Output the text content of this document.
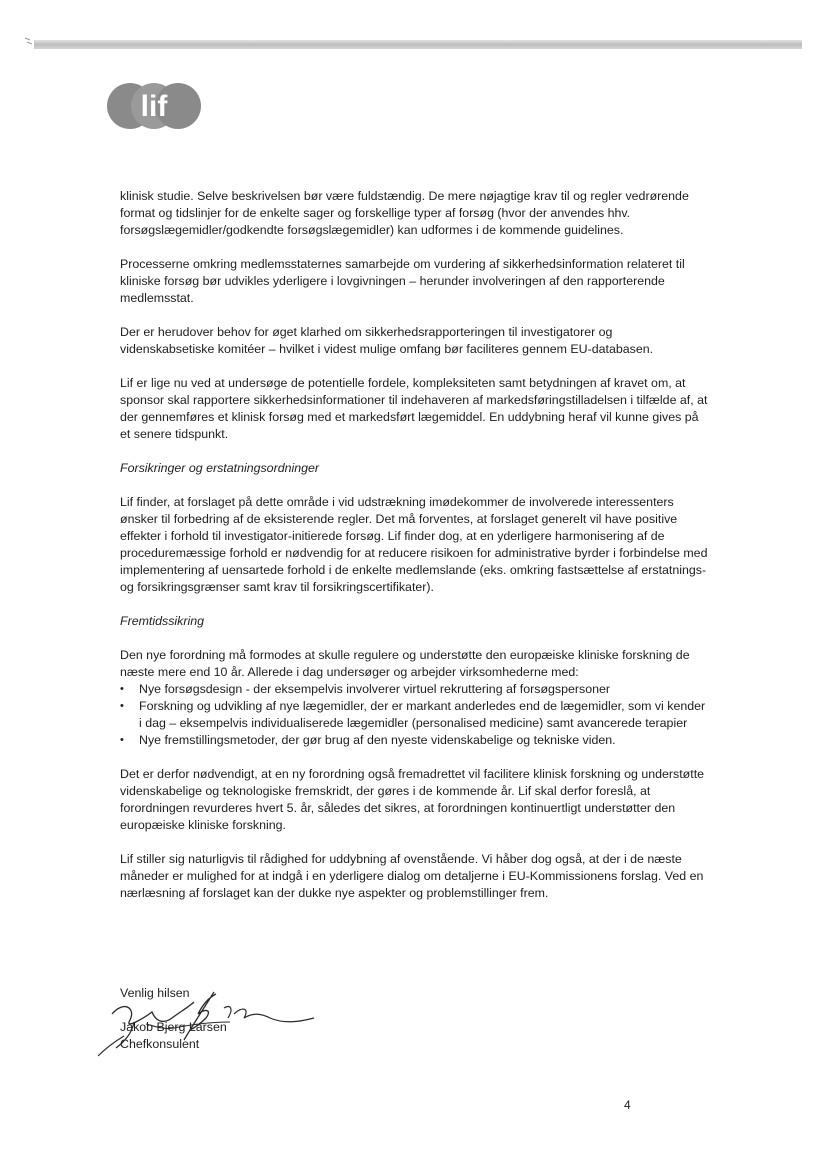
lif

klinisk studie. Selve beskrivelsen bør være fuldstændig. De mere nøjagtige krav til og regler vedrørende format og tidslinjer for de enkelte sager og forskellige typer af forsøg (hvor der anvendes hhv. forsøgslægemidler/godkendte forsøgslægemidler) kan udformes i de kommende guidelines.

Processerne omkring medlemsstaternes samarbejde om vurdering af sikkerhedsinformation relateret til kliniske forsøg bør udvikles yderligere i lovgivningen – herunder involveringen af den rapporterende medlemsstat.

Der er herudover behov for øget klarhed om sikkerhedsrapporteringen til investigatorer og videnskabsetiske komitéer – hvilket i videst mulige omfang bør faciliteres gennem EU-databasen.

Lif er lige nu ved at undersøge de potentielle fordele, kompleksiteten samt betydningen af kravet om, at sponsor skal rapportere sikkerhedsinformationer til indehaveren af markedsføringstilladelsen i tilfælde af, at der gennemføres et klinisk forsøg med et markedsført lægemiddel. En uddybning heraf vil kunne gives på et senere tidspunkt.

Forsikringer og erstatningsordninger

Lif finder, at forslaget på dette område i vid udstrækning imødekommer de involverede interessenters ønsker til forbedring af de eksisterende regler. Det må forventes, at forslaget generelt vil have positive effekter i forhold til investigator-initierede forsøg. Lif finder dog, at en yderligere harmonisering af de proceduremæssige forhold er nødvendig for at reducere risikoen for administrative byrder i forbindelse med implementering af uensartede forhold i de enkelte medlemslande (eks. omkring fastsættelse af erstatnings- og forsikringsgrænser samt krav til forsikringscertifikater).

Fremtidssikring

Den nye forordning må formodes at skulle regulere og understøtte den europæiske kliniske forskning de næste mere end 10 år. Allerede i dag undersøger og arbejder virksomhederne med:

• Nye forsøgsdesign - der eksempelvis involverer virtuel rekruttering af forsøgspersoner
• Forskning og udvikling af nye lægemidler, der er markant anderledes end de lægemidler, som vi kender i dag – eksempelvis individualiserede lægemidler (personalised medicine) samt avancerede terapier
• Nye fremstillingsmetoder, der gør brug af den nyeste videnskabelige og tekniske viden.

Det er derfor nødvendigt, at en ny forordning også fremadrettet vil facilitere klinisk forskning og understøtte videnskabelige og teknologiske fremskridt, der gøres i de kommende år. Lif skal derfor foreslå, at forordningen revurderes hvert 5. år, således det sikres, at forordningen kontinuertligt understøtter den europæiske kliniske forskning.

Lif stiller sig naturligvis til rådighed for uddybning af ovenstående. Vi håber dog også, at der i de næste måneder er mulighed for at indgå i en yderligere dialog om detaljerne i EU-Kommissionens forslag. Ved en nærlæsning af forslaget kan der dukke nye aspekter og problemstillinger frem.

Venlig hilsen

Jakob Bjerg Larsen

Chefkonsulent

4
